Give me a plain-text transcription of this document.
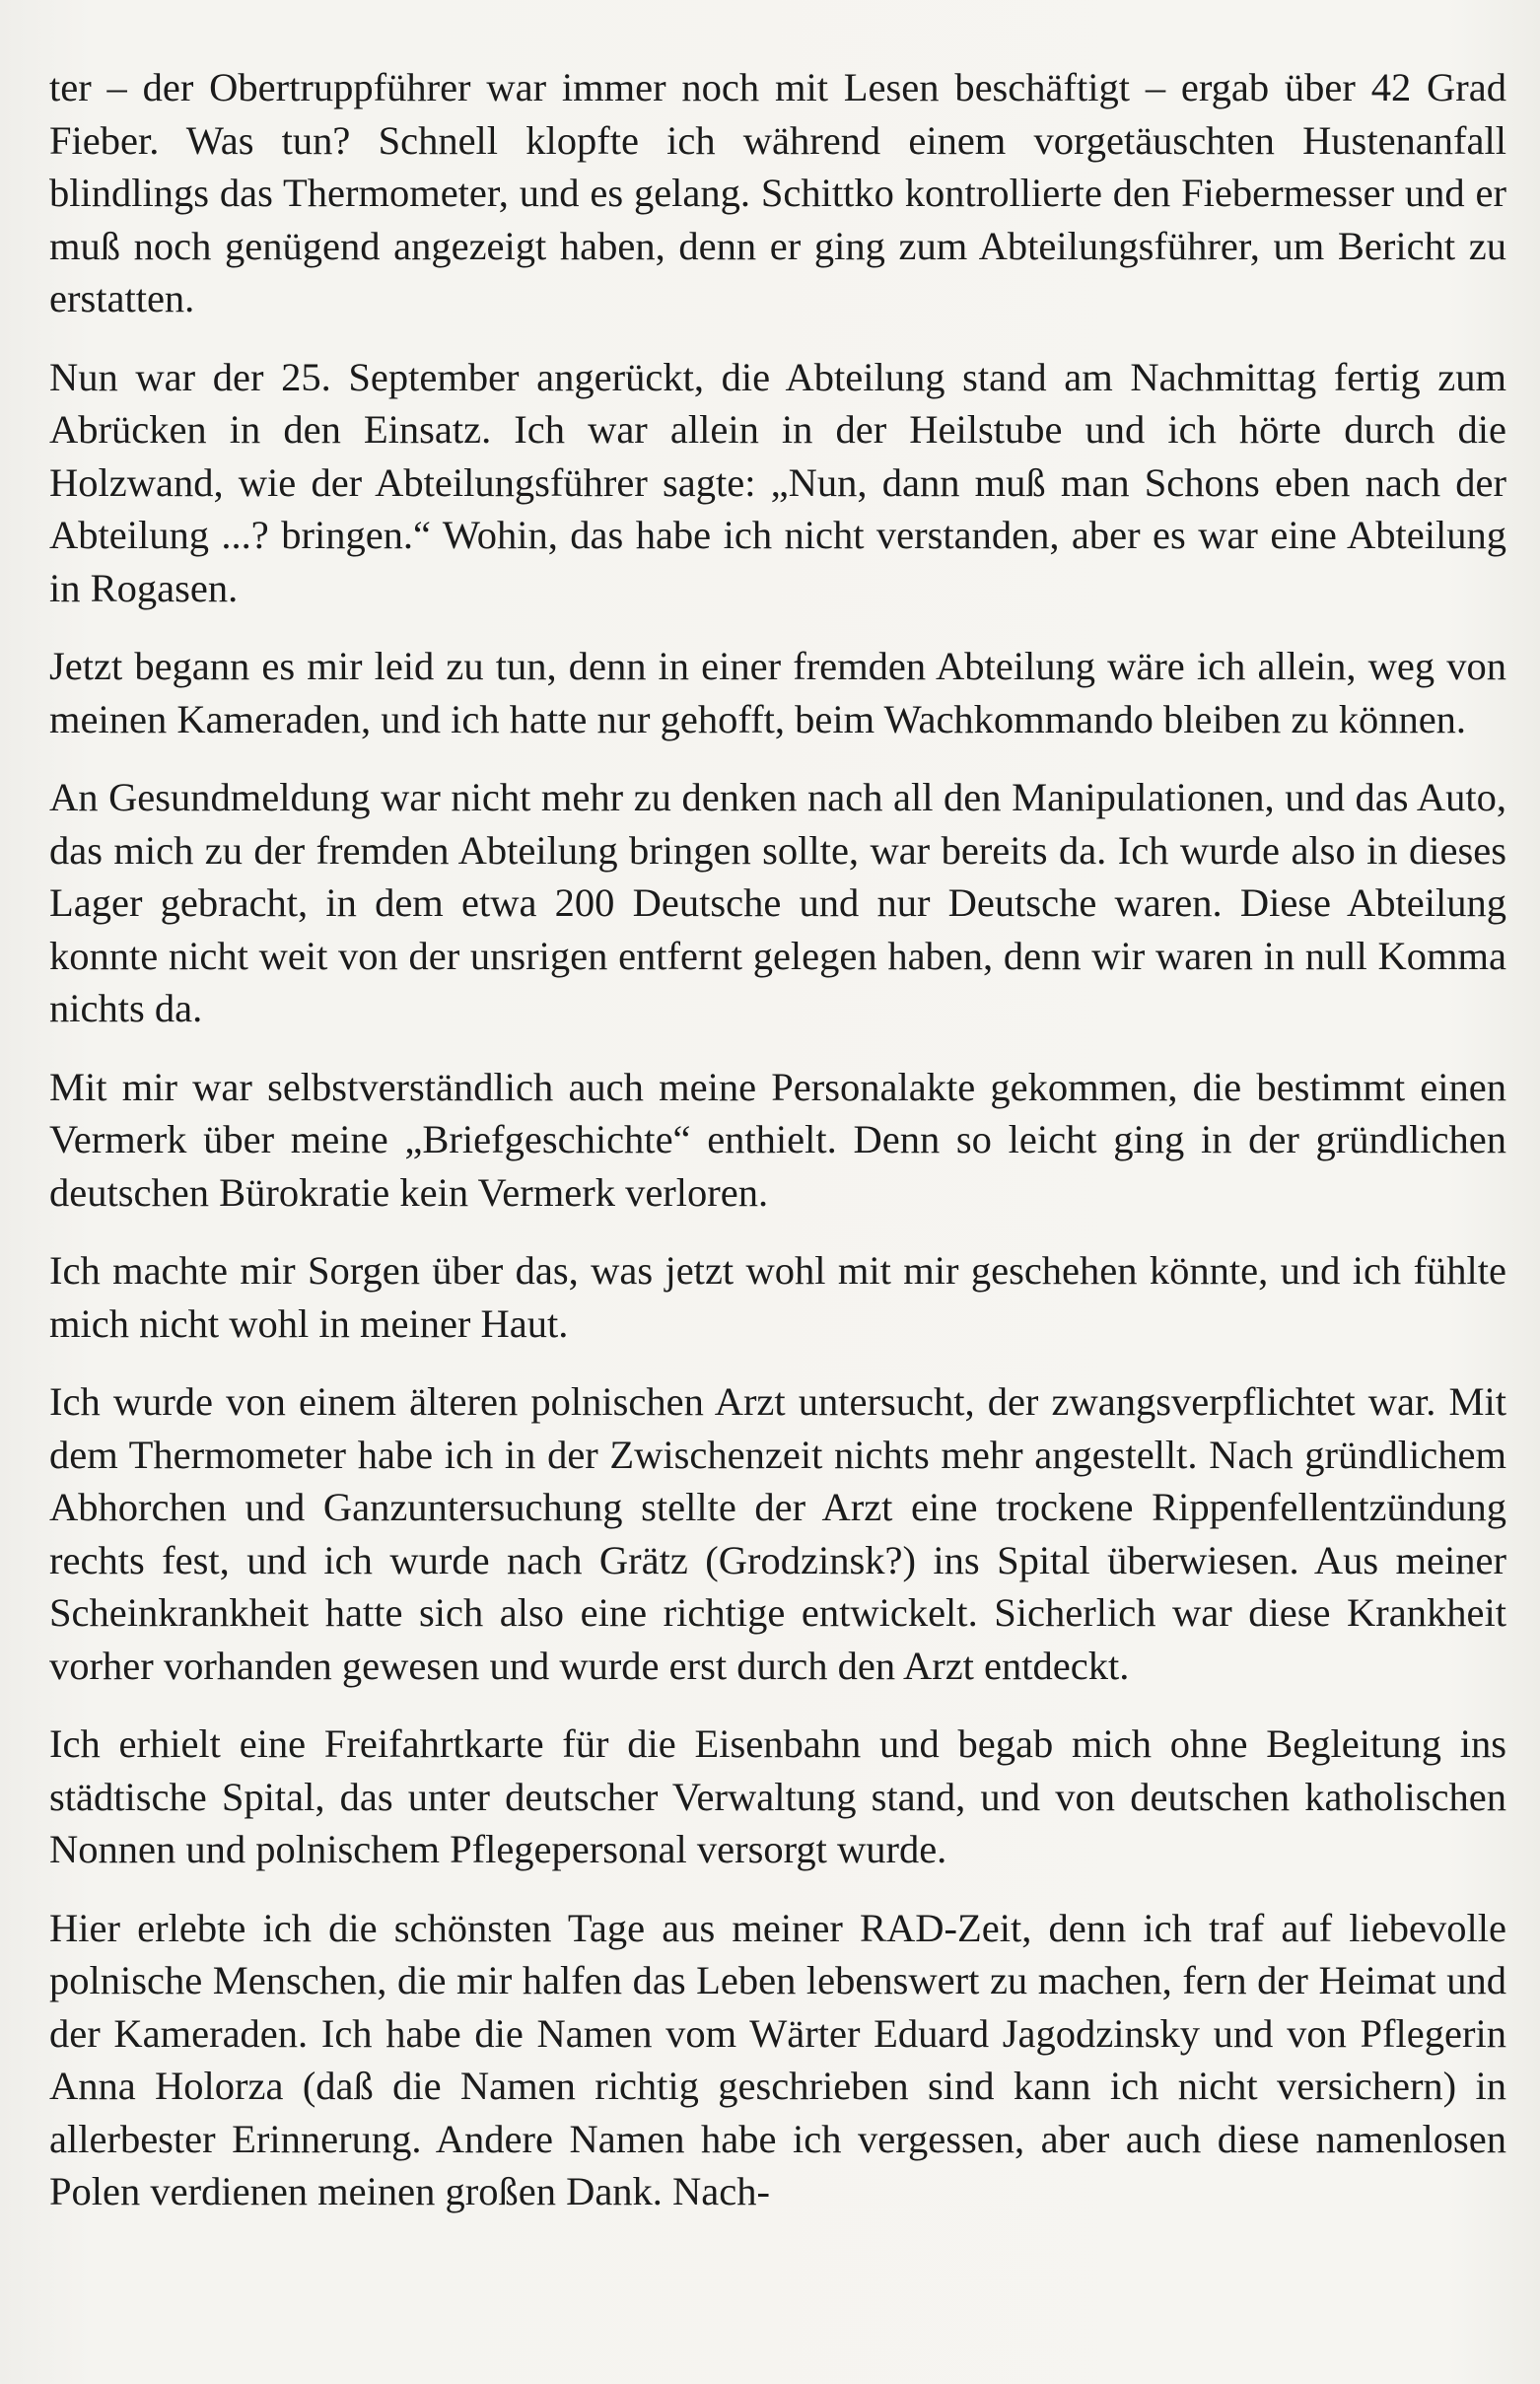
ter – der Obertruppführer war immer noch mit Lesen beschäftigt – ergab über 42 Grad Fieber. Was tun? Schnell klopfte ich während einem vorgetäuschten Hustenanfall blindlings das Thermometer, und es gelang. Schittko kontrollierte den Fiebermesser und er muß noch genügend angezeigt haben, denn er ging zum Abteilungsführer, um Bericht zu erstatten.

Nun war der 25. September angerückt, die Abteilung stand am Nachmittag fertig zum Abrücken in den Einsatz. Ich war allein in der Heilstube und ich hörte durch die Holzwand, wie der Abteilungsführer sagte: „Nun, dann muß man Schons eben nach der Abteilung ...? bringen.“ Wohin, das habe ich nicht verstanden, aber es war eine Abteilung in Rogasen.

Jetzt begann es mir leid zu tun, denn in einer fremden Abteilung wäre ich allein, weg von meinen Kameraden, und ich hatte nur gehofft, beim Wachkommando bleiben zu können.

An Gesundmeldung war nicht mehr zu denken nach all den Manipulationen, und das Auto, das mich zu der fremden Abteilung bringen sollte, war bereits da. Ich wurde also in dieses Lager gebracht, in dem etwa 200 Deutsche und nur Deutsche waren. Diese Abteilung konnte nicht weit von der unsrigen entfernt gelegen haben, denn wir waren in null Komma nichts da.

Mit mir war selbstverständlich auch meine Personalakte gekommen, die bestimmt einen Vermerk über meine „Briefgeschichte“ enthielt. Denn so leicht ging in der gründlichen deutschen Bürokratie kein Vermerk verloren.

Ich machte mir Sorgen über das, was jetzt wohl mit mir geschehen könnte, und ich fühlte mich nicht wohl in meiner Haut.

Ich wurde von einem älteren polnischen Arzt untersucht, der zwangsverpflichtet war. Mit dem Thermometer habe ich in der Zwischenzeit nichts mehr angestellt. Nach gründlichem Abhorchen und Ganzuntersuchung stellte der Arzt eine trockene Rippenfellentzündung rechts fest, und ich wurde nach Grätz (Grodzinsk?) ins Spital überwiesen. Aus meiner Scheinkrankheit hatte sich also eine richtige entwickelt. Sicherlich war diese Krankheit vorher vorhanden gewesen und wurde erst durch den Arzt entdeckt.

Ich erhielt eine Freifahrtkarte für die Eisenbahn und begab mich ohne Begleitung ins städtische Spital, das unter deutscher Verwaltung stand, und von deutschen katholischen Nonnen und polnischem Pflegepersonal versorgt wurde.

Hier erlebte ich die schönsten Tage aus meiner RAD-Zeit, denn ich traf auf liebevolle polnische Menschen, die mir halfen das Leben lebenswert zu machen, fern der Heimat und der Kameraden. Ich habe die Namen vom Wärter Eduard Jagodzinsky und von Pflegerin Anna Holorza (daß die Namen richtig geschrieben sind kann ich nicht versichern) in allerbester Erinnerung. Andere Namen habe ich vergessen, aber auch diese namenlosen Polen verdienen meinen großen Dank. Nach-
